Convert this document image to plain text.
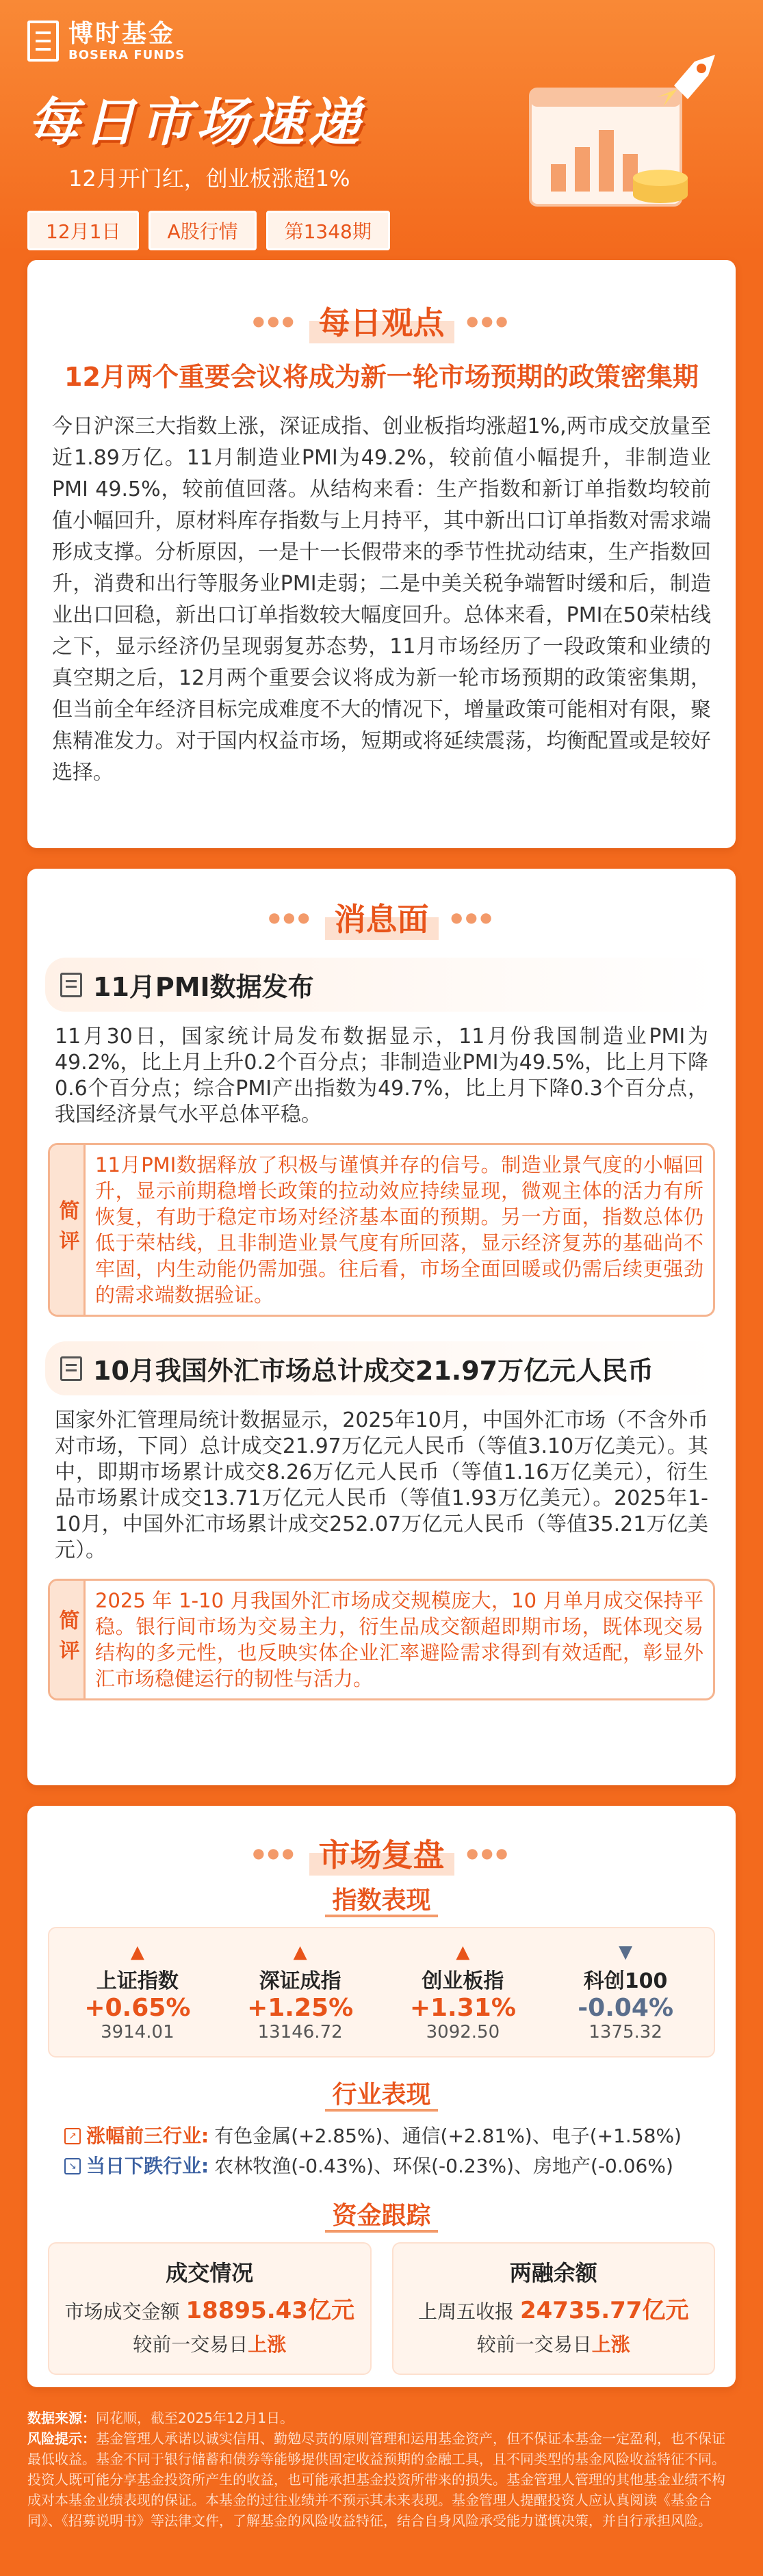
博时基金
BOSERA FUNDS
每日市场速递
12月开门红，创业板涨超1%
12月1日	A股行情	第1348期
●●● 每日观点	●●●
12月两个重要会议将成为新一轮市场预期的政策密集期
今日沪深三大指数上涨，深证成指、创业板指均涨超1%,两市成交放量至近1.89万亿。11月制造业PMI为49.2%，较前值小幅提升，非制造业PMI 49.5%，较前值回落。从结构来看：生产指数和新订单指数均较前值小幅回升，原材料库存指数与上月持平，其中新出口订单指数对需求端形成支撑。分析原因，一是十一长假带来的季节性扰动结束，生产指数回升，消费和出行等服务业PMI走弱；二是中美关税争端暂时缓和后，制造业出口回稳，新出口订单指数较大幅度回升。总体来看，PMI在50荣枯线之下，显示经济仍呈现弱复苏态势，11月市场经历了一段政策和业绩的真空期之后，12月两个重要会议将成为新一轮市场预期的政策密集期，但当前全年经济目标完成难度不大的情况下，增量政策可能相对有限，聚焦精准发力。对于国内权益市场，短期或将延续震荡，均衡配置或是较好选择。
●●● 消息面	●●●
11月PMI数据发布
11月30日，国家统计局发布数据显示，11月份我国制造业PMI为49.2%，比上月上升0.2个百分点；非制造业PMI为49.5%，比上月下降0.6个百分点；综合PMI产出指数为49.7%，比上月下降0.3个百分点，我国经济景气水平总体平稳。
简评
11月PMI数据释放了积极与谨慎并存的信号。制造业景气度的小幅回升，显示前期稳增长政策的拉动效应持续显现，微观主体的活力有所恢复，有助于稳定市场对经济基本面的预期。另一方面，指数总体仍低于荣枯线，且非制造业景气度有所回落，显示经济复苏的基础尚不牢固，内生动能仍需加强。往后看，市场全面回暖或仍需后续更强劲的需求端数据验证。
10月我国外汇市场总计成交21.97万亿元人民币
国家外汇管理局统计数据显示，2025年10月，中国外汇市场（不含外币对市场，下同）总计成交21.97万亿元人民币（等值3.10万亿美元）。其中，即期市场累计成交8.26万亿元人民币（等值1.16万亿美元），衍生品市场累计成交13.71万亿元人民币（等值1.93万亿美元）。2025年1-10月，中国外汇市场累计成交252.07万亿元人民币（等值35.21万亿美元）。
简评
2025 年 1-10 月我国外汇市场成交规模庞大，10 月单月成交保持平稳。银行间市场为交易主力，衍生品成交额超即期市场，既体现交易结构的多元性，也反映实体企业汇率避险需求得到有效适配，彰显外汇市场稳健运行的韧性与活力。
●●● 市场复盘	●●●
指数表现
▲
上证指数
+0.65%
3914.01
▲
深证成指
+1.25%
13146.72
▲
创业板指
+1.31%
3092.50
▼
科创100
-0.04%
1375.32
行业表现
↗ 涨幅前三行业: 有色金属(+2.85%)、通信(+2.81%)、电子(+1.58%)
↘ 当日下跌行业: 农林牧渔(-0.43%)、环保(-0.23%)、房地产(-0.06%)
资金跟踪
成交情况
市场成交金额 18895.43亿元
较前一交易日上涨
两融余额
上周五收报 24735.77亿元
较前一交易日上涨
数据来源：同花顺，截至2025年12月1日。
风险提示：基金管理人承诺以诚实信用、勤勉尽责的原则管理和运用基金资产，但不保证本基金一定盈利，也不保证最低收益。基金不同于银行储蓄和债券等能够提供固定收益预期的金融工具，且不同类型的基金风险收益特征不同。投资人既可能分享基金投资所产生的收益，也可能承担基金投资所带来的损失。基金管理人管理的其他基金业绩不构成对本基金业绩表现的保证。本基金的过往业绩并不预示其未来表现。基金管理人提醒投资人应认真阅读《基金合同》、《招募说明书》等法律文件，了解基金的风险收益特征，结合自身风险承受能力谨慎决策，并自行承担风险。
